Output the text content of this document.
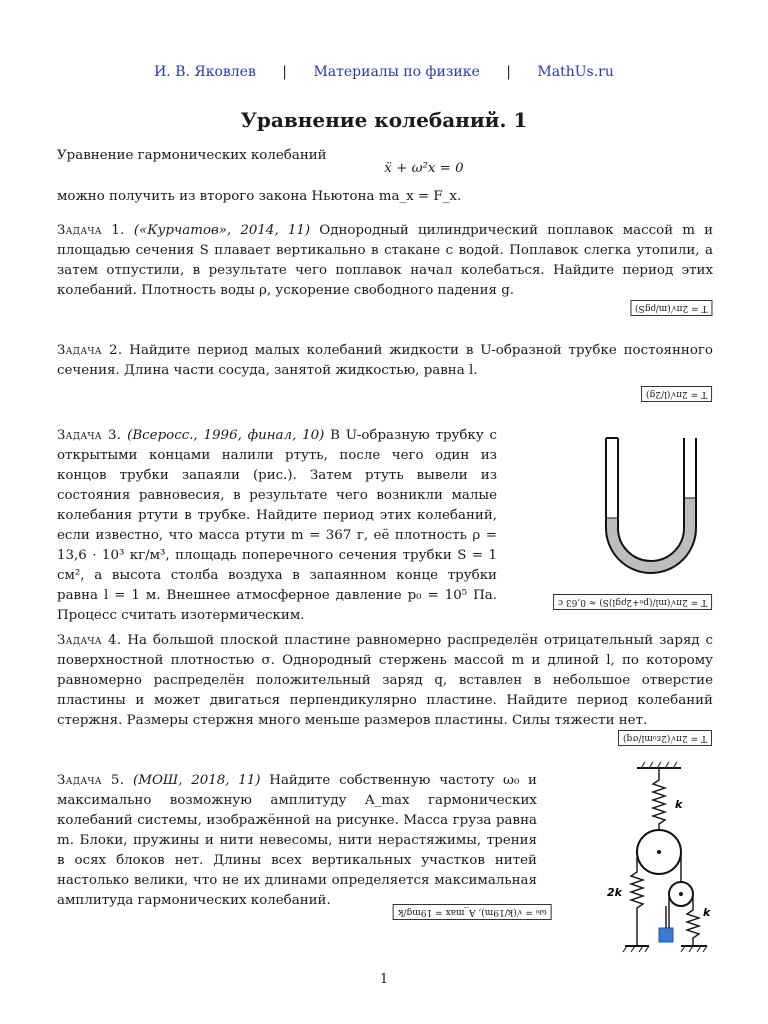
И. В. Яковлев | Материалы по физике | MathUs.ru
Уравнение колебаний. 1
Уравнение гармонических колебаний
ẍ + ω²x = 0
можно получить из второго закона Ньютона ma_x = F_x.
Задача 1. («Курчатов», 2014, 11) Однородный цилиндрический поплавок массой m и площадью сечения S плавает вертикально в стакане с водой. Поплавок слегка утопили, а затем отпустили, в результате чего поплавок начал колебаться. Найдите период этих колебаний. Плотность воды ρ, ускорение свободного падения g.
T = 2π√(m/ρgS)
Задача 2. Найдите период малых колебаний жидкости в U-образной трубке постоянного сечения. Длина части сосуда, занятой жидкостью, равна l.
T = 2π√(l/2g)
Задача 3. (Всеросс., 1996, финал, 10) В U-образную трубку с открытыми концами налили ртуть, после чего один из концов трубки запаяли (рис.). Затем ртуть вывели из состояния равновесия, в результате чего возникли малые колебания ртути в трубке. Найдите период этих колебаний, если известно, что масса ртути m = 367 г, её плотность ρ = 13,6 · 10³ кг/м³, площадь поперечного сечения трубки S = 1 см², а высота столба воздуха в запаянном конце трубки равна l = 1 м. Внешнее атмосферное давление p₀ = 10⁵ Па. Процесс считать изотермическим.
T = 2π√(ml/(p₀+2ρgl)S) ≈ 0,63 с
Задача 4. На большой плоской пластине равномерно распределён отрицательный заряд с поверхностной плотностью σ. Однородный стержень массой m и длиной l, по которому равномерно распределён положительный заряд q, вставлен в небольшое отверстие пластины и может двигаться перпендикулярно пластине. Найдите период колебаний стержня. Размеры стержня много меньше размеров пластины. Силы тяжести нет.
T = 2π√(2ε₀ml/σq)
Задача 5. (МОШ, 2018, 11) Найдите собственную частоту ω₀ и максимально возможную амплитуду A_max гармонических колебаний системы, изображённой на рисунке. Масса груза равна m. Блоки, пружины и нити невесомы, нити нерастяжимы, трения в осях блоков нет. Длины всех вертикальных участков нитей настолько велики, что не их длинами определяется максимальная амплитуда гармонических колебаний.
ω₀ = √(k/19m), A_max = 19mg/k
k
2k
k
1
